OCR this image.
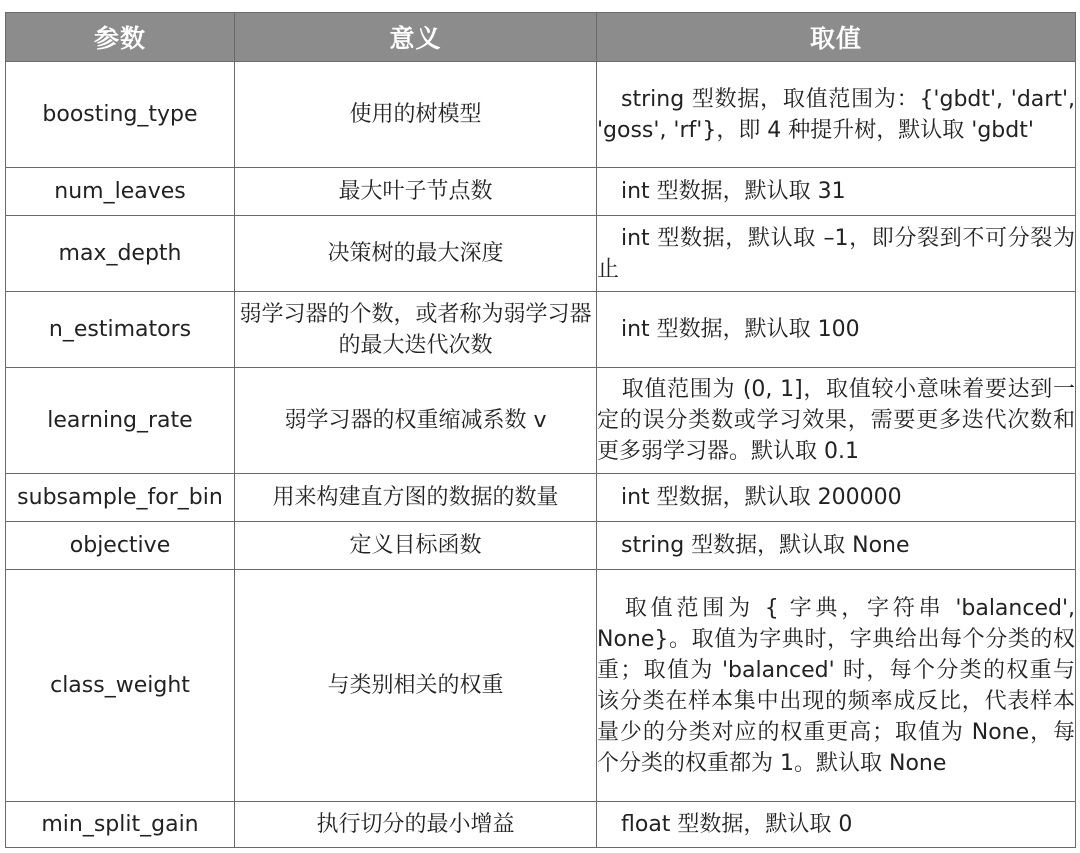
参数	意义	取值
boosting_type	使用的树模型	string 型数据，取值范围为：{'gbdt', 'dart', 'goss', 'rf'}，即 4 种提升树，默认取 'gbdt'
num_leaves	最大叶子节点数	int 型数据，默认取 31
max_depth	决策树的最大深度	int 型数据，默认取 –1，即分裂到不可分裂为止
n_estimators	弱学习器的个数，或者称为弱学习器的最大迭代次数	int 型数据，默认取 100
learning_rate	弱学习器的权重缩减系数 v	取值范围为 (0, 1]，取值较小意味着要达到一定的误分类数或学习效果，需要更多迭代次数和更多弱学习器。默认取 0.1
subsample_for_bin	用来构建直方图的数据的数量	int 型数据，默认取 200000
objective	定义目标函数	string 型数据，默认取 None
class_weight	与类别相关的权重	取值范围为 { 字典，字符串 'balanced', None}。取值为字典时，字典给出每个分类的权重；取值为 'balanced' 时，每个分类的权重与该分类在样本集中出现的频率成反比，代表样本量少的分类对应的权重更高；取值为 None，每个分类的权重都为 1。默认取 None
min_split_gain	执行切分的最小增益	float 型数据，默认取 0
